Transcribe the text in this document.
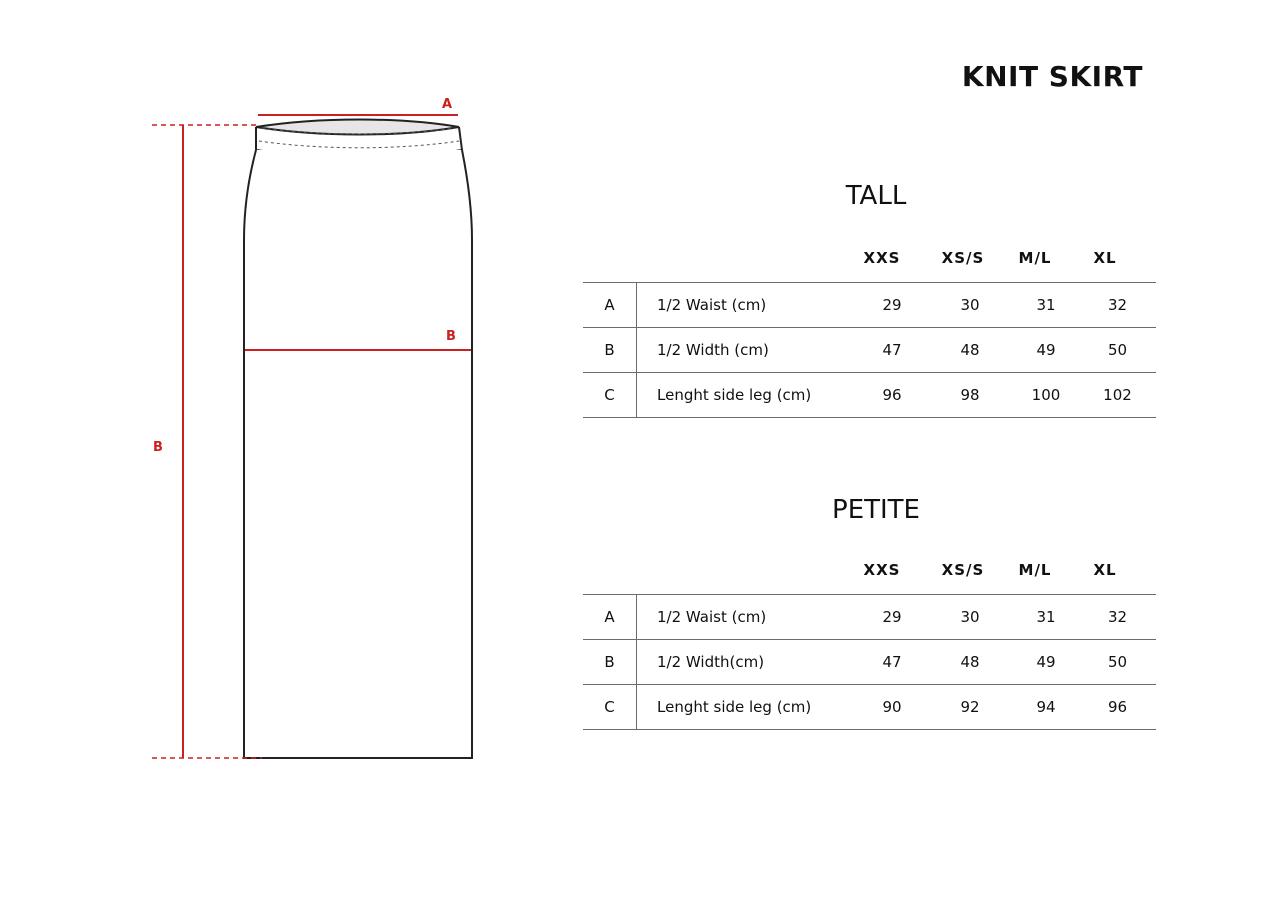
A
B
B
KNIT SKIRT
TALL
XXS	XS/S	M/L	XL
A	1/2 Waist (cm)	29	30	31	32
B	1/2 Width (cm)	47	48	49	50
C	Lenght side leg (cm)	96	98	100	102
PETITE
XXS	XS/S	M/L	XL
A	1/2 Waist (cm)	29	30	31	32
B	1/2 Width(cm)	47	48	49	50
C	Lenght side leg (cm)	90	92	94	96
